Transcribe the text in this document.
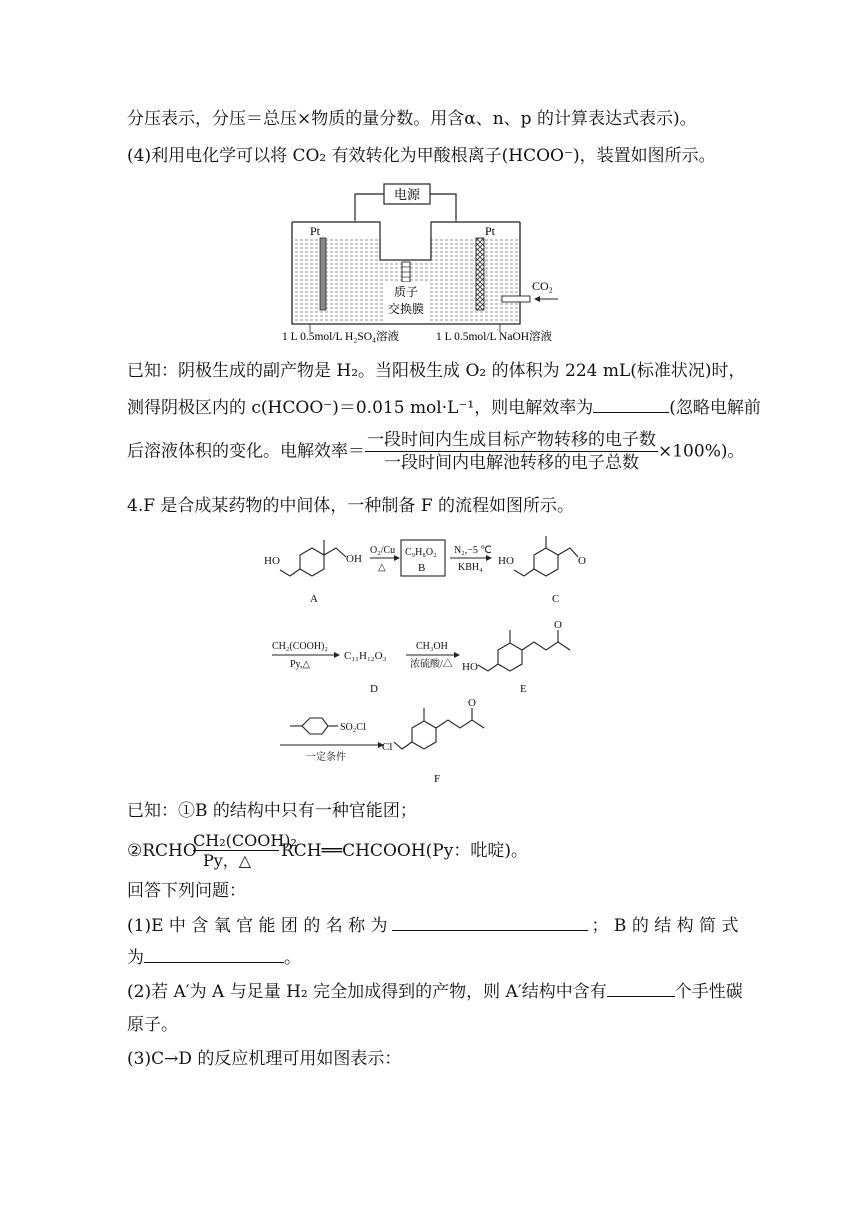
分压表示，分压＝总压×物质的量分数。用含α、n、p 的计算表达式表示)。
(4)利用电化学可以将 CO₂ 有效转化为甲酸根离子(HCOO⁻)，装置如图所示。
电源
质子
交换膜
Pt	Pt
CO₂
1 L 0.5mol/L H₂SO₄溶液	1 L 0.5mol/L NaOH溶液
已知：阴极生成的副产物是 H₂。当阳极生成 O₂ 的体积为 224 mL(标准状况)时，
测得阴极区内的 c(HCOO⁻)＝0.015 mol·L⁻¹，则电解效率为	(忽略电解前
后溶液体积的变化。电解效率＝ $\frac{\text{一段时间内生成目标产物转移的电子数}}{\text{一段时间内电解池转移的电子总数}} \times 100\%$)。
4.F 是合成某药物的中间体，一种制备 F 的流程如图所示。
HO	OH
A
O₂/Cu
△
C₉H₈O₂
B
N₂,−5 ℃
KBH₄
HO	O
C
CH₂(COOH)₂
Py,△
C₁₁H₁₂O₃
D
CH₃OH
浓硫酸/△ HO
O
E
SO₂Cl
一定条件
Cl
O
F
已知：①B 的结构中只有一种官能团；
②RCHO
CH₂(COOH)₂
Py，△ RCH══CHCOOH(Py：吡啶)。
回答下列问题：
(1)E 中 含 氧 官 能 团 的 名 称 为	； B 的 结 构 简 式
为	。
(2)若 A′为 A 与足量 H₂ 完全加成得到的产物，则 A′结构中含有	个手性碳
原子。
(3)C→D 的反应机理可用如图表示：
